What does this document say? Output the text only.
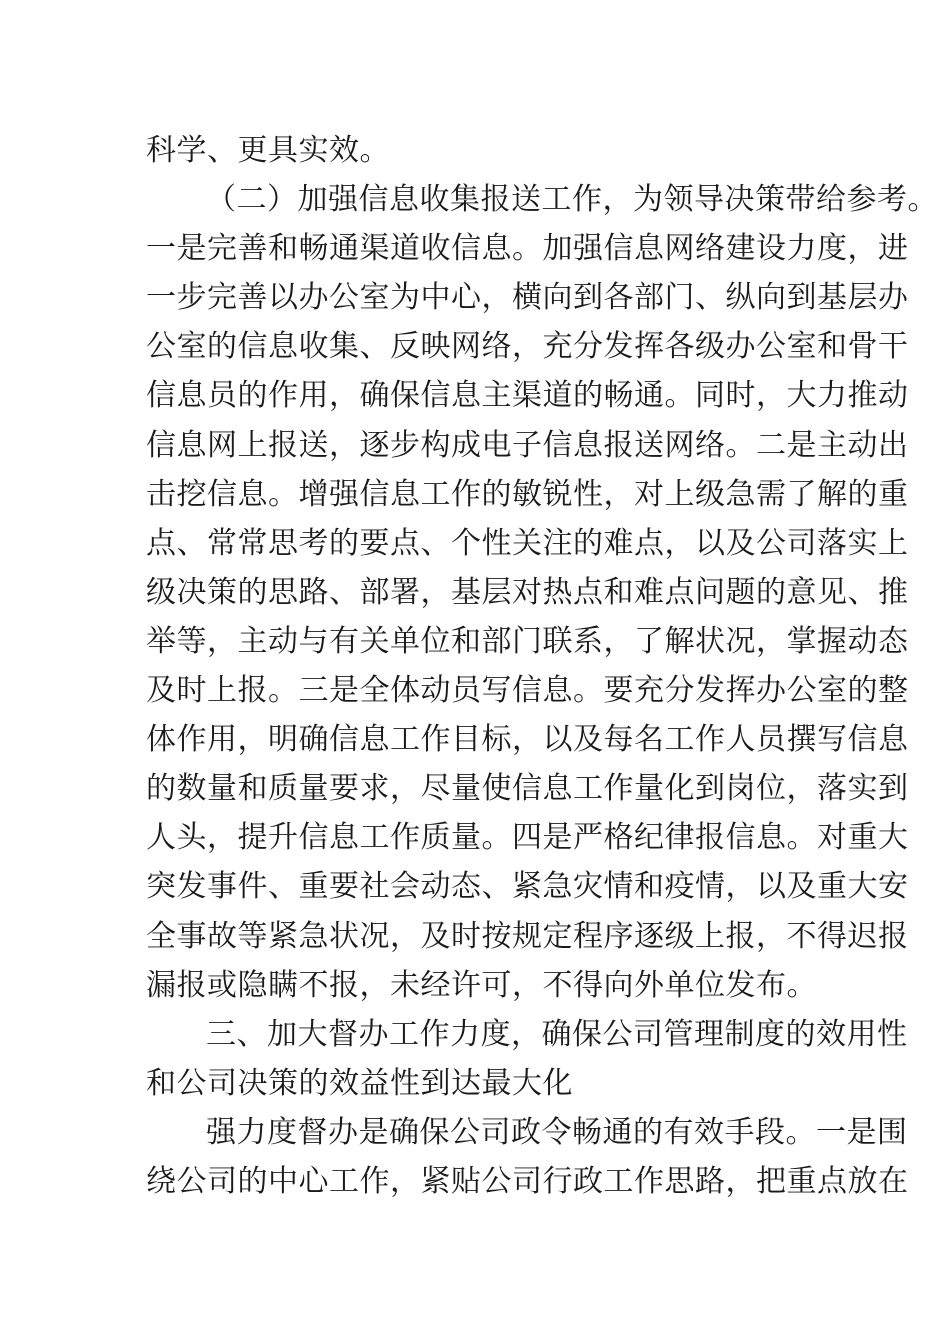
科学、更具实效。
（二）加强信息收集报送工作，为领导决策带给参考。
一是完善和畅通渠道收信息。加强信息网络建设力度，进
一步完善以办公室为中心，横向到各部门、纵向到基层办
公室的信息收集、反映网络，充分发挥各级办公室和骨干
信息员的作用，确保信息主渠道的畅通。同时，大力推动
信息网上报送，逐步构成电子信息报送网络。二是主动出
击挖信息。增强信息工作的敏锐性，对上级急需了解的重
点、常常思考的要点、个性关注的难点，以及公司落实上
级决策的思路、部署，基层对热点和难点问题的意见、推
举等，主动与有关单位和部门联系，了解状况，掌握动态
及时上报。三是全体动员写信息。要充分发挥办公室的整
体作用，明确信息工作目标，以及每名工作人员撰写信息
的数量和质量要求，尽量使信息工作量化到岗位，落实到
人头，提升信息工作质量。四是严格纪律报信息。对重大
突发事件、重要社会动态、紧急灾情和疫情，以及重大安
全事故等紧急状况，及时按规定程序逐级上报，不得迟报
漏报或隐瞒不报，未经许可，不得向外单位发布。
三、加大督办工作力度，确保公司管理制度的效用性
和公司决策的效益性到达最大化
强力度督办是确保公司政令畅通的有效手段。一是围
绕公司的中心工作，紧贴公司行政工作思路，把重点放在
